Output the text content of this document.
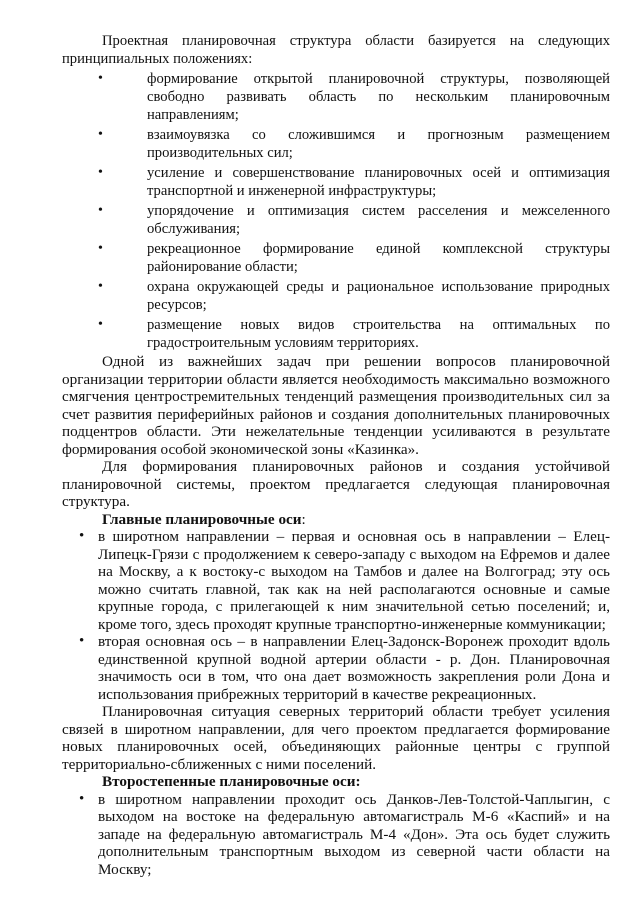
Проектная планировочная структура области базируется на следующих принципиальных положениях:

•	формирование открытой планировочной структуры, позволяющей свободно развивать область по нескольким планировочным направлениям;
•	взаимоувязка со сложившимся и прогнозным размещением производительных сил;
•	усиление и совершенствование планировочных осей и оптимизация транспортной и инженерной инфраструктуры;
•	упорядочение и оптимизация систем расселения и межселенного обслуживания;
•	рекреационное формирование единой комплексной структуры районирование области;
•	охрана окружающей среды и рациональное использование природных ресурсов;
•	размещение новых видов строительства на оптимальных по градостроительным условиям территориях.

Одной из важнейших задач при решении вопросов планировочной организации территории области является необходимость максимально возможного смягчения центростремительных тенденций размещения производительных сил за счет развития периферийных районов и создания дополнительных планировочных подцентров области. Эти нежелательные тенденции усиливаются в результате формирования особой экономической зоны «Казинка».

Для формирования планировочных районов и создания устойчивой планировочной системы, проектом предлагается следующая планировочная структура.

Главные планировочные оси:

• в широтном направлении – первая и основная ось в направлении – Елец-Липецк-Грязи с продолжением к северо-западу с выходом на Ефремов и далее на Москву, а к востоку-с выходом на Тамбов и далее на Волгоград; эту ось можно считать главной, так как на ней располагаются основные и самые крупные города, с прилегающей к ним значительной сетью поселений; и, кроме того, здесь проходят крупные транспортно-инженерные коммуникации;
• вторая основная ось – в направлении Елец-Задонск-Воронеж проходит вдоль единственной крупной водной артерии области - р. Дон. Планировочная значимость оси в том, что она дает возможность закрепления роли Дона и использования прибрежных территорий в качестве рекреационных.

Планировочная ситуация северных территорий области требует усиления связей в широтном направлении, для чего проектом предлагается формирование новых планировочных осей, объединяющих районные центры с группой территориально-сближенных с ними поселений.

Второстепенные планировочные оси:

• в широтном направлении проходит ось Данков-Лев-Толстой-Чаплыгин, с выходом на востоке на федеральную автомагистраль М-6 «Каспий» и на западе на федеральную автомагистраль М-4 «Дон». Эта ось будет служить дополнительным транспортным выходом из северной части области на Москву;
